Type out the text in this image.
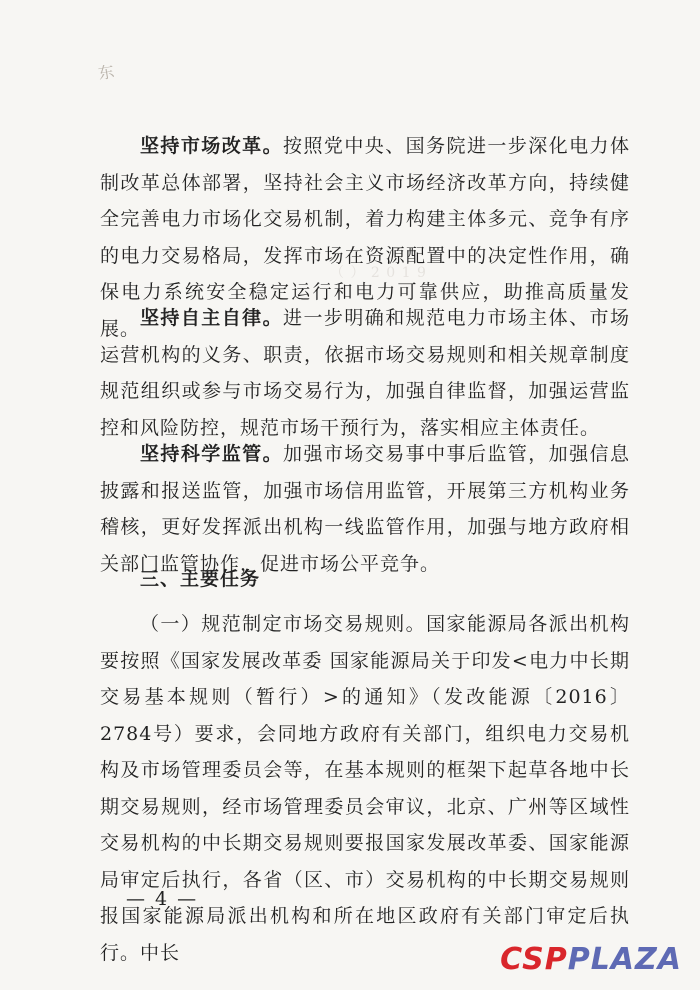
东
（ ） 2 0 1 9

坚持市场改革。按照党中央、国务院进一步深化电力体制改革总体部署，坚持社会主义市场经济改革方向，持续健全完善电力市场化交易机制，着力构建主体多元、竞争有序的电力交易格局，发挥市场在资源配置中的决定性作用，确保电力系统安全稳定运行和电力可靠供应，助推高质量发展。 坚持自主自律。进一步明确和规范电力市场主体、市场运营机构的义务、职责，依据市场交易规则和相关规章制度规范组织或参与市场交易行为，加强自律监督，加强运营监控和风险防控，规范市场干预行为，落实相应主体责任。

坚持科学监管。加强市场交易事中事后监管，加强信息披露和报送监管，加强市场信用监管，开展第三方机构业务稽核，更好发挥派出机构一线监管作用，加强与地方政府相关部门监管协作，促进市场公平竞争。

三、主要任务

（一）规范制定市场交易规则。国家能源局各派出机构要按照《国家发展改革委 国家能源局关于印发<电力中长期交易基本规则（暂行）>的通知》（发改能源〔2016〕2784号）要求，会同地方政府有关部门，组织电力交易机构及市场管理委员会等，在基本规则的框架下起草各地中长期交易规则，经市场管理委员会审议，北京、广州等区域性交易机构的中长期交易规则要报国家发展改革委、国家能源局审定后执行，各省（区、市）交易机构的中长期交易规则报国家能源局派出机构和所在地区政府有关部门审定后执行。中长

— 4 —
CSPPLAZA
